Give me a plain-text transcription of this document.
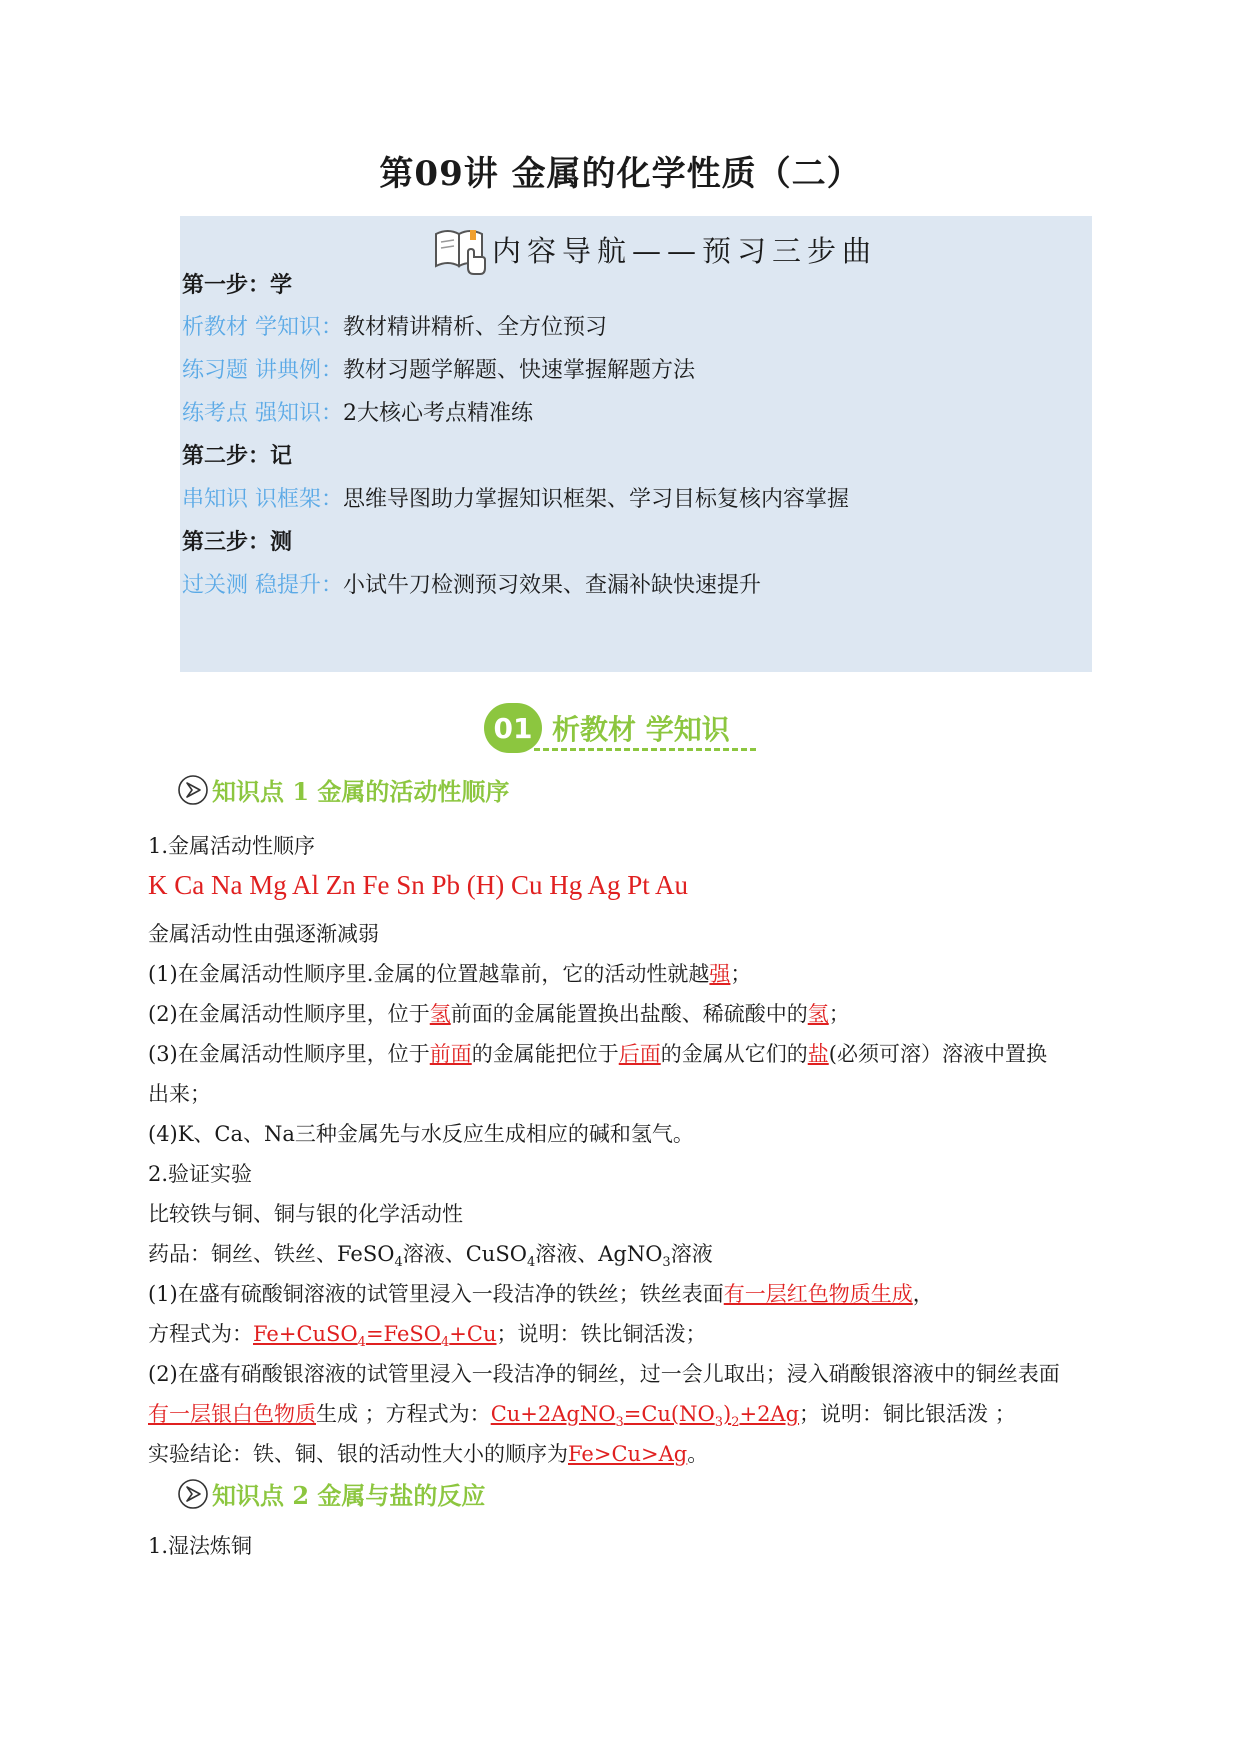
第09讲 金属的化学性质（二）
内容导航——预习三步曲
第一步：学
析教材 学知识：教材精讲精析、全方位预习
练习题 讲典例：教材习题学解题、快速掌握解题方法
练考点 强知识：2大核心考点精准练
第二步：记
串知识 识框架：思维导图助力掌握知识框架、学习目标复核内容掌握
第三步：测
过关测 稳提升：小试牛刀检测预习效果、查漏补缺快速提升
01 析教材 学知识
知识点 1 金属的活动性顺序
1.金属活动性顺序
K Ca Na Mg Al Zn Fe Sn Pb (H) Cu Hg Ag Pt Au
金属活动性由强逐渐减弱
(1)在金属活动性顺序里.金属的位置越靠前，它的活动性就越强；
(2)在金属活动性顺序里，位于氢前面的金属能置换出盐酸、稀硫酸中的氢；
(3)在金属活动性顺序里，位于前面的金属能把位于后面的金属从它们的盐(必须可溶）溶液中置换
出来；
(4)K、Ca、Na三种金属先与水反应生成相应的碱和氢气。
2.验证实验
比较铁与铜、铜与银的化学活动性
药品：铜丝、铁丝、FeSO$_4$溶液、CuSO$_4$溶液、AgNO$_3$溶液
(1)在盛有硫酸铜溶液的试管里浸入一段洁净的铁丝；铁丝表面有一层红色物质生成，
方程式为：Fe+CuSO$_4$=FeSO$_4$+Cu；说明：铁比铜活泼；
(2)在盛有硝酸银溶液的试管里浸入一段洁净的铜丝，过一会儿取出；浸入硝酸银溶液中的铜丝表面
有一层银白色物质生成 ；方程式为：$Cu+2AgNO_3=Cu(NO_3)_2+2Ag$；说明：铜比银活泼 ；
实验结论：铁、铜、银的活动性大小的顺序为Fe>Cu>Ag。
知识点 2 金属与盐的反应
1.湿法炼铜
